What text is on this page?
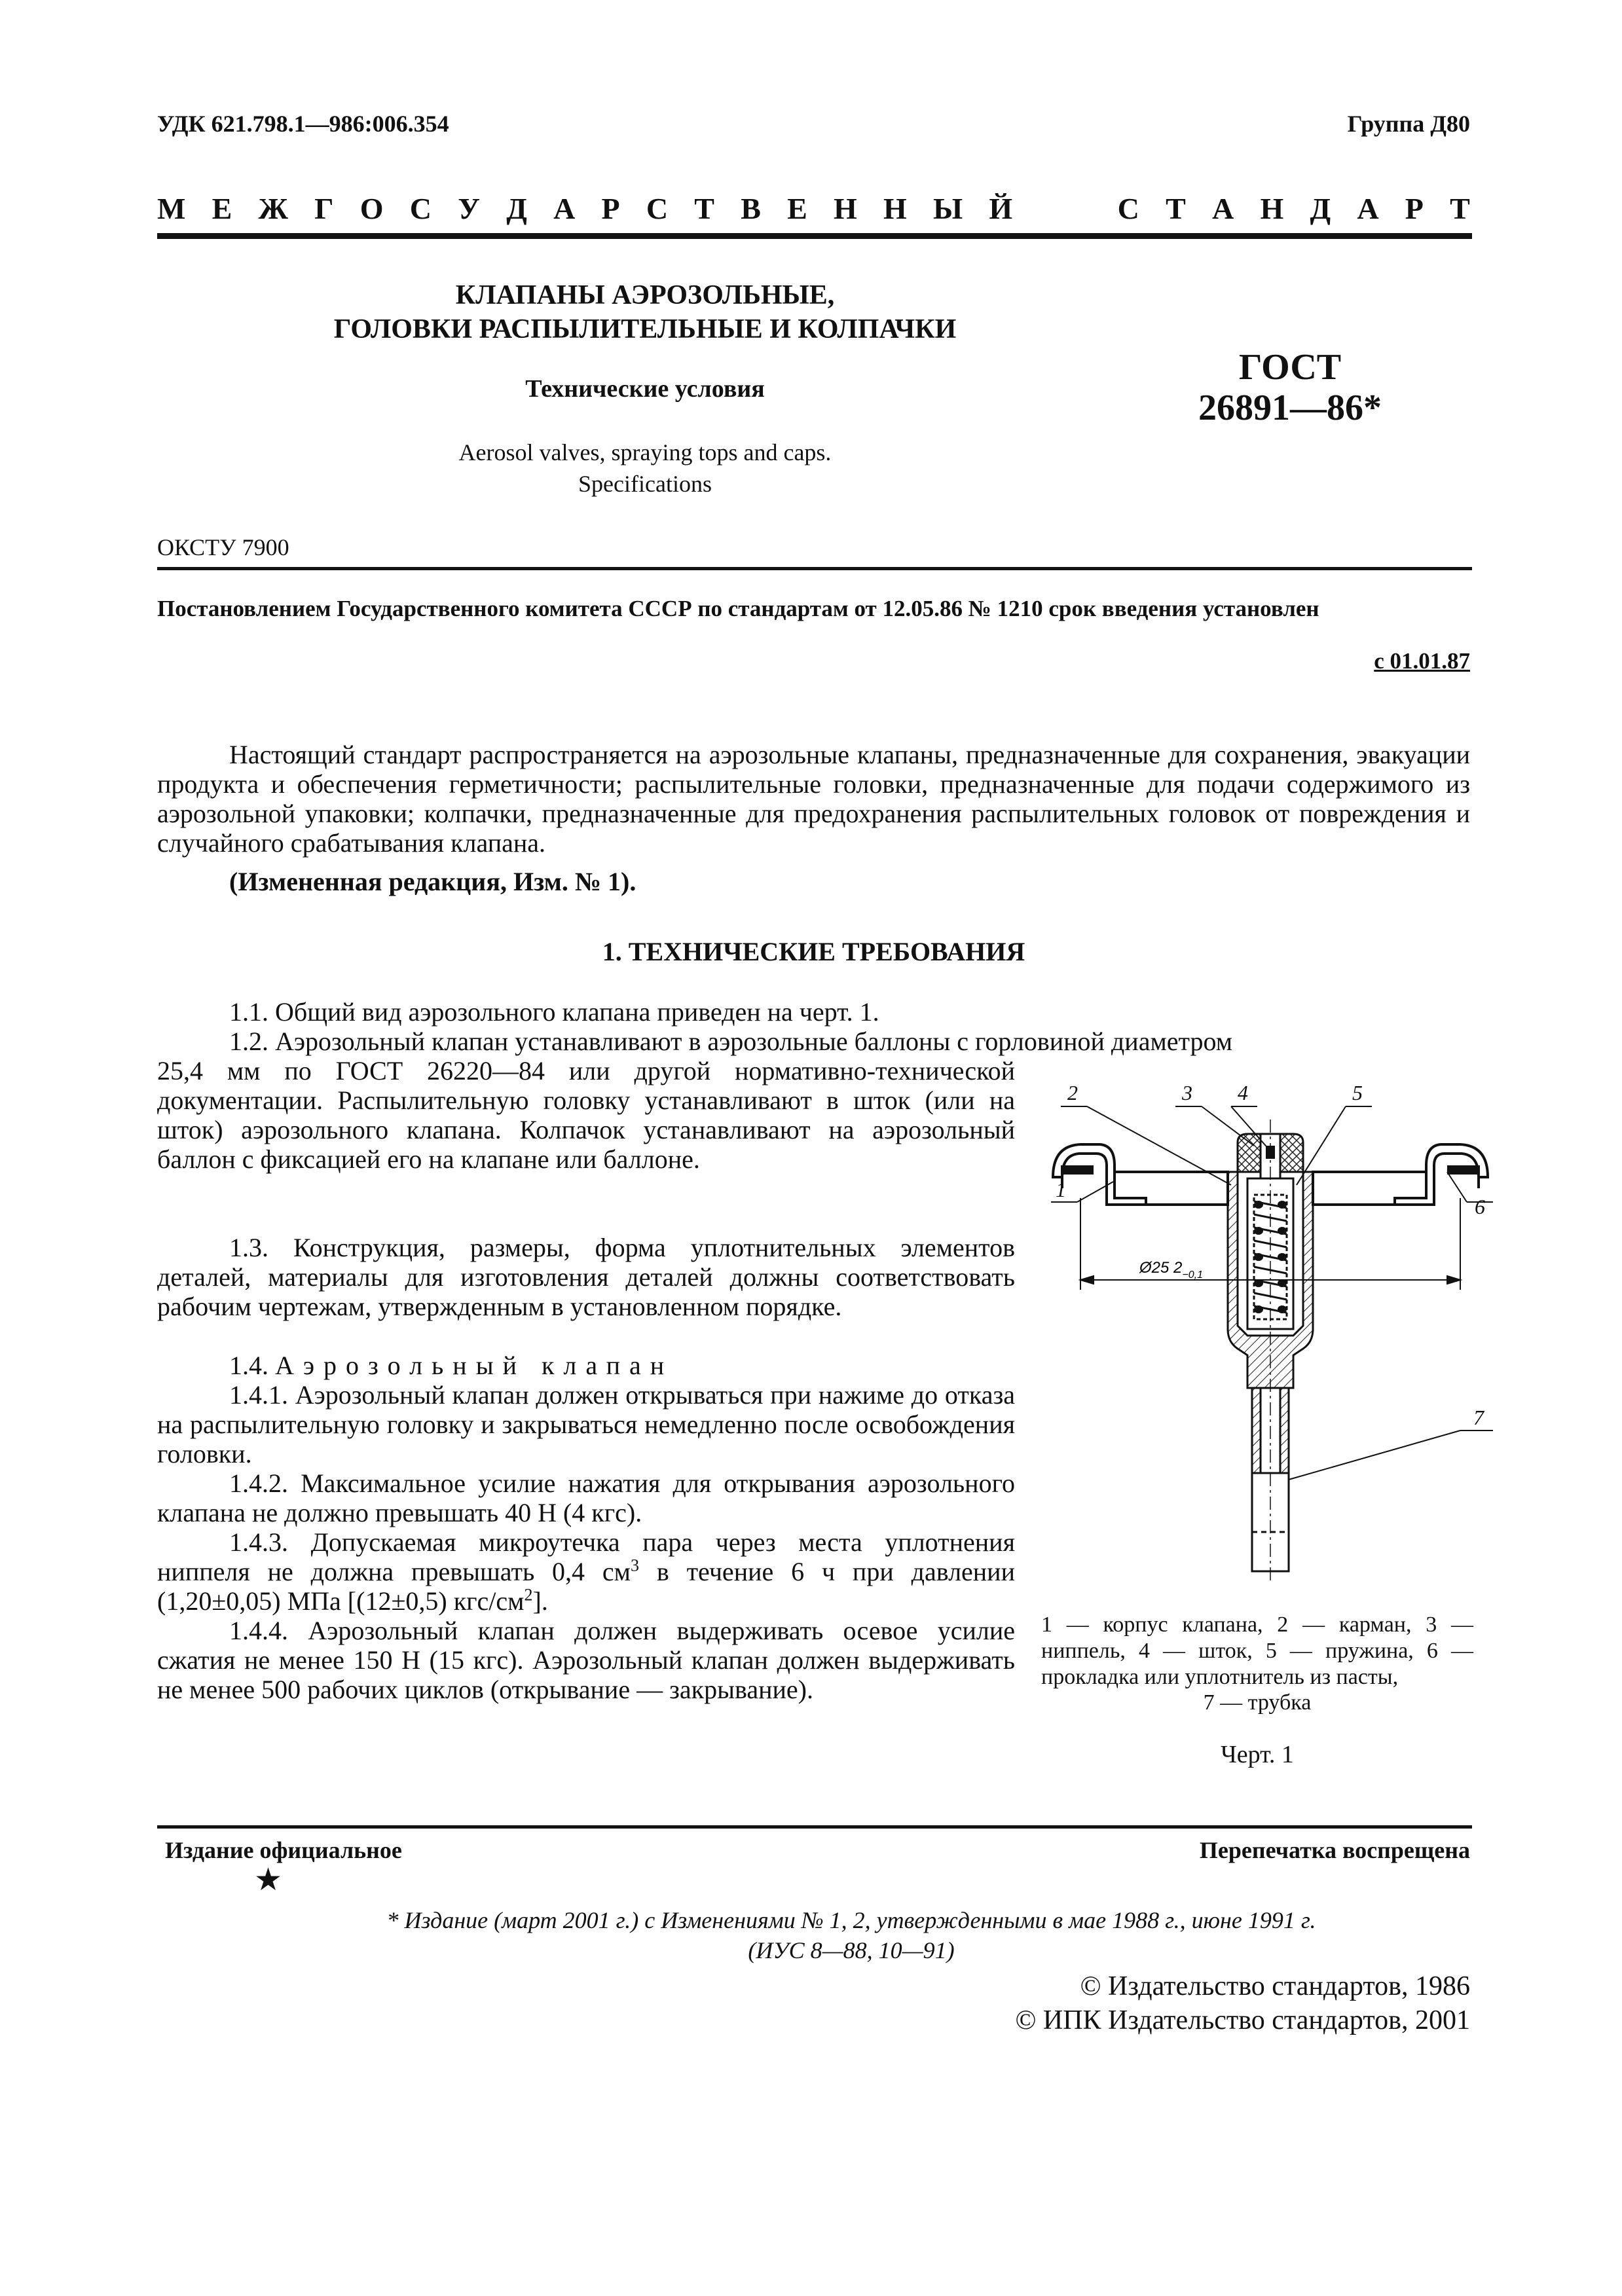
УДК 621.798.1—986:006.354	Группа Д80
М Е Ж Г О С У Д А Р С Т В Е Н Н Ы Й	С Т А Н Д А Р Т
КЛАПАНЫ АЭРОЗОЛЬНЫЕ,
ГОЛОВКИ РАСПЫЛИТЕЛЬНЫЕ И КОЛПАЧКИ
Технические условия
Aerosol valves, spraying tops and caps.
Specifications
ГОСТ
26891—86*
ОКСТУ 7900
Постановлением Государственного комитета СССР по стандартам от 12.05.86 № 1210 срок введения установлен
с 01.01.87
Настоящий стандарт распространяется на аэрозольные клапаны, предназначенные для сохранения, эвакуации продукта и обеспечения герметичности; распылительные головки, предназначенные для подачи содержимого из аэрозольной упаковки; колпачки, предназначенные для предохранения распылительных головок от повреждения и случайного срабатывания клапана.
(Измененная редакция, Изм. № 1).
1. ТЕХНИЧЕСКИЕ ТРЕБОВАНИЯ
1.1. Общий вид аэрозольного клапана приведен на черт. 1.
1.2. Аэрозольный клапан устанавливают в аэрозольные баллоны с горловиной диаметром
25,4 мм по ГОСТ 26220—84 или другой нормативно-технической документации. Распылительную головку устанавливают в шток (или на шток) аэрозольного клапана. Колпачок устанавливают на аэрозольный баллон с фиксацией его на клапане или баллоне.
1.3. Конструкция, размеры, форма уплотнительных элементов деталей, материалы для изготовления деталей должны соответствовать рабочим чертежам, утвержденным в установленном порядке.
1.4. Аэрозольный клапан
1.4.1. Аэрозольный клапан должен открываться при нажиме до отказа на распылительную головку и закрываться немедленно после освобождения головки.
1.4.2. Максимальное усилие нажатия для открывания аэрозольного клапана не должно превышать 40 Н (4 кгс).
1.4.3. Допускаемая микроутечка пара через места уплотнения ниппеля не должна превышать 0,4 $см^3$ в течение 6 ч при давлении (1,20±0,05) МПа [(12±0,5) кгс/$см^2$].
1.4.4. Аэрозольный клапан должен выдерживать осевое усилие сжатия не менее 150 Н (15 кгс). Аэрозольный клапан должен выдерживать не менее 500 рабочих циклов (открывание — закрывание).
Ø25 $2_{-0,1}$
2	3 4	5
1
6
7
1 — корпус клапана, 2 — карман, 3 — ниппель, 4 — шток, 5 — пружина, 6 — прокладка или уплотнитель из пасты,
7 — трубка
Черт. 1
Издание официальное	Перепечатка воспрещена
★
* Издание (март 2001 г.) с Изменениями № 1, 2, утвержденными в мае 1988 г., июне 1991 г.
(ИУС 8—88, 10—91)
© Издательство стандартов, 1986
© ИПК Издательство стандартов, 2001
